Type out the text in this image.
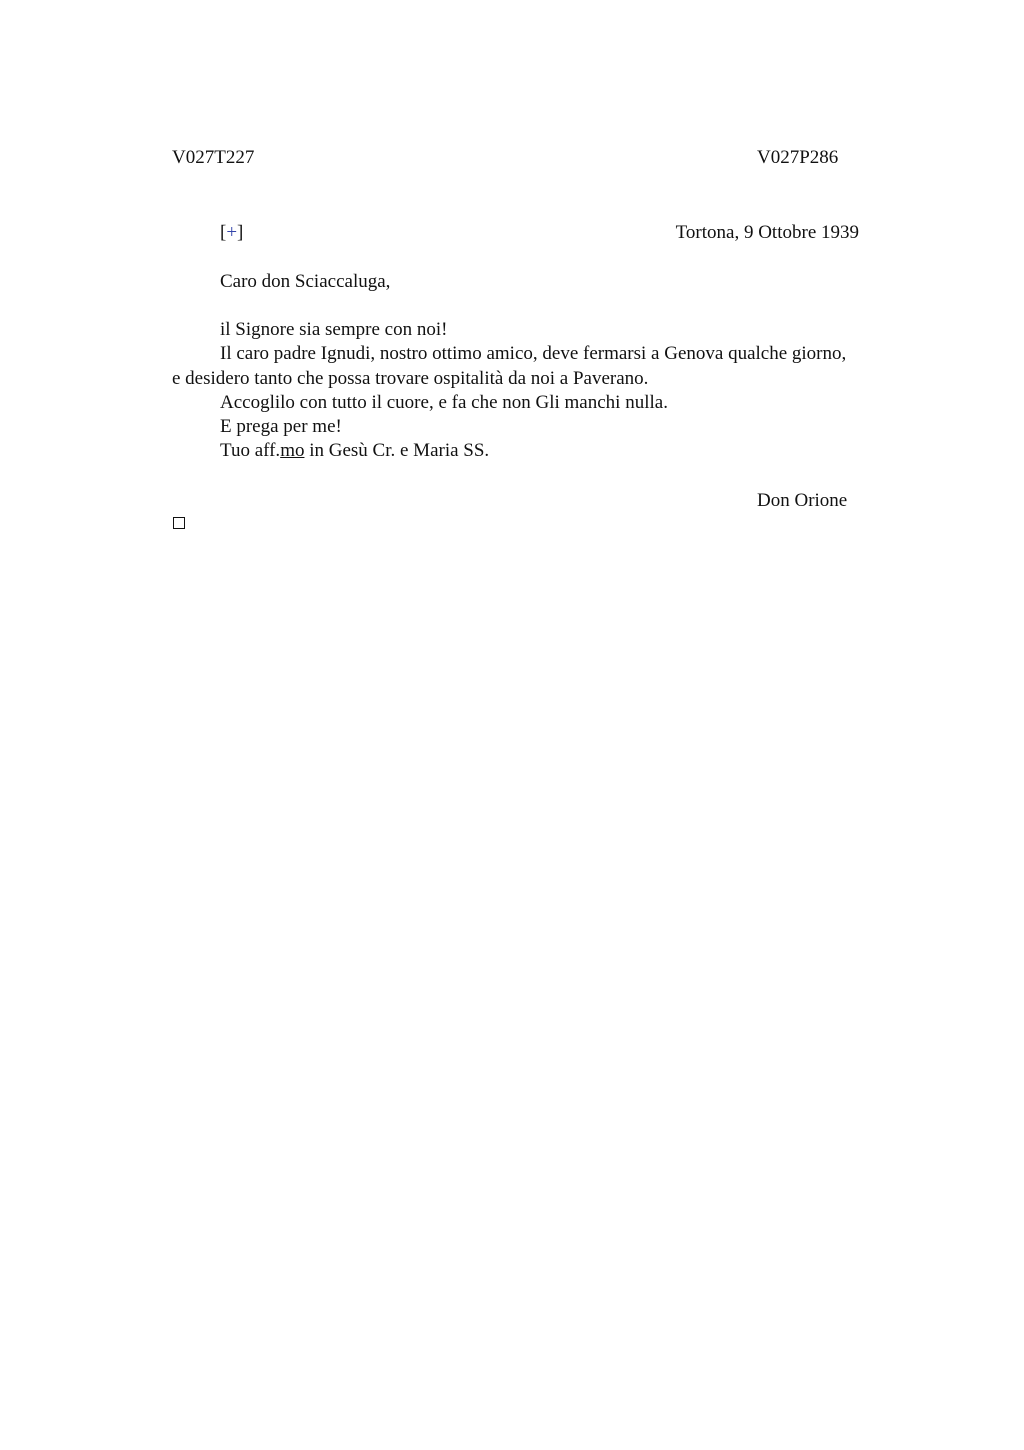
V027T227	V027P286
[+]	Tortona, 9 Ottobre 1939
Caro don Sciaccaluga,

il Signore sia sempre con noi!

Il caro padre Ignudi, nostro ottimo amico, deve fermarsi a Genova qualche giorno,

e desidero tanto che possa trovare ospitalità da noi a Paverano.

Accoglilo con tutto il cuore, e fa che non Gli manchi nulla.

E prega per me!

Tuo aff.mo in Gesù Cr. e Maria SS.

Don Orione
